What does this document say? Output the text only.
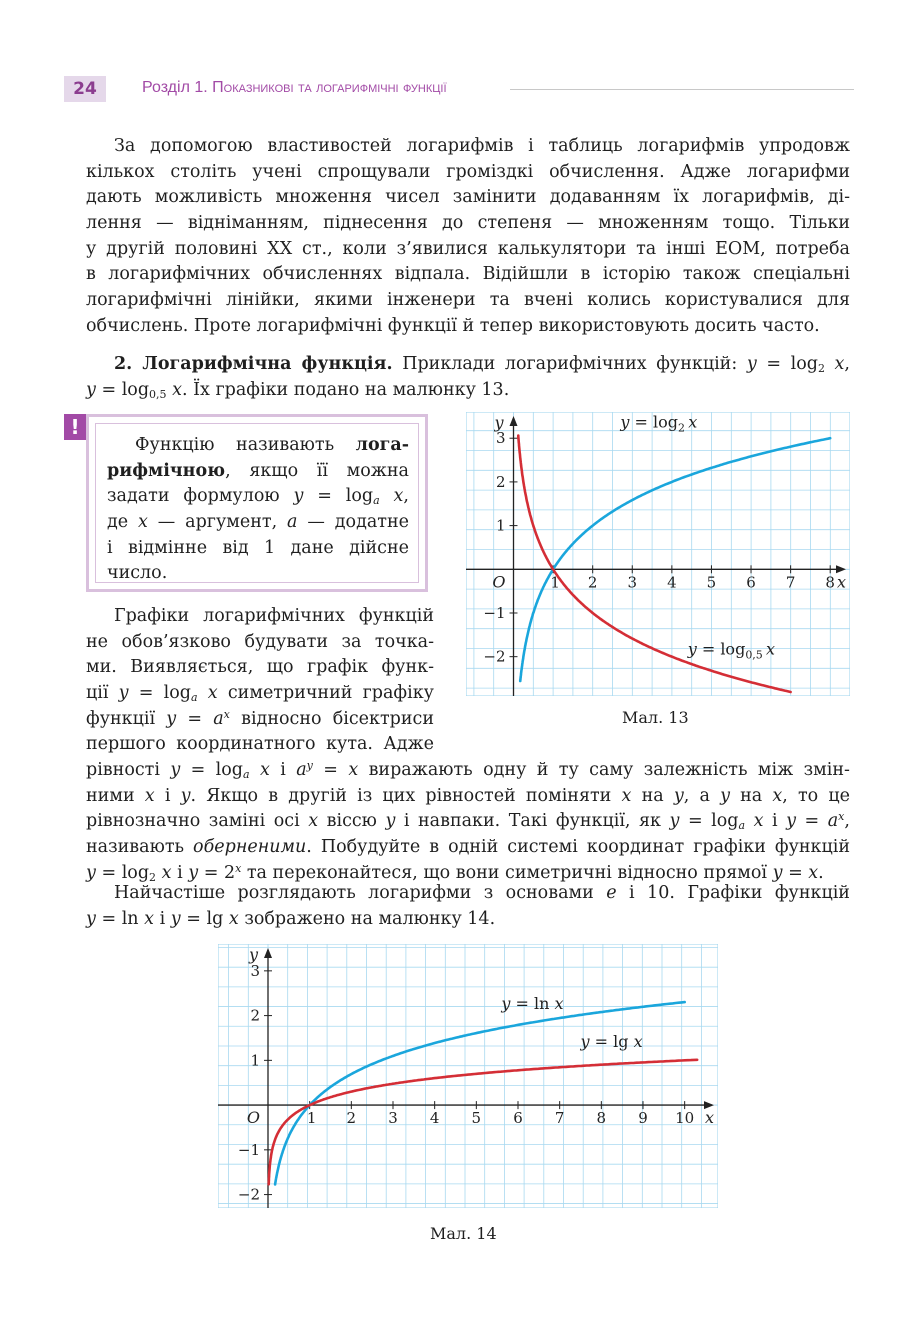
24	Розділ 1. Показникові та логарифмічні функції
За допомогою властивостей логарифмів і таблиць логарифмів упродовж
кількох століть учені спрощували громіздкі обчислення. Адже логарифми
дають можливість множення чисел замінити додаванням їх логарифмів, ді-
лення — відніманням, піднесення до степеня — множенням тощо. Тільки
у другій половині XX ст., коли з’явилися калькулятори та інші ЕОМ, потреба
в логарифмічних обчисленнях відпала. Відійшли в історію також спеціальні
логарифмічні лінійки, якими інженери та вчені колись користувалися для
обчислень. Проте логарифмічні функції й тепер використовують досить часто.
2. Логарифмічна функція. Приклади логарифмічних функцій: $y = \log_2 x$,
$y = \log_{0,5} x$. Їх графіки подано на малюнку 13.
!
Функцію називають лога-
рифмічною, якщо її можна
задати формулою $y = \log_a x$,
де x — аргумент, a — додатне
і відмінне від 1 дане дійсне
число.
Графіки логарифмічних функцій
не обов’язково будувати за точка-
ми. Виявляється, що графік функ-
ції $y = \log_a x$ симетричний графіку
функції $y = a^x$ відносно бісектриси
першого координатного кута. Адже
1 2 3 4 5 6 7 8
3
2
1
−1
−2
x
y
O
$y = \log_2 x$
$y = \log_{0,5} x$
Мал. 13
рівності $y = \log_a x$ і $a^y = x$ виражають одну й ту саму залежність між змін-
ними x і y. Якщо в другій із цих рівностей поміняти x на y, а y на x, то це
рівнозначно заміні осі x віссю y і навпаки. Такі функції, як $y = \log_a x$ і $y = a^x$,
називають оберненими. Побудуйте в одній системі координат графіки функцій
$y = \log_2 x$ і $y = 2^x$ та переконайтеся, що вони симетричні відносно прямої y = x.
Найчастіше розглядають логарифми з основами e і 10. Графіки функцій
y = ln x і y = lg x зображено на малюнку 14.
1 2 3 4 5 6 7 8 9 10
3
2
1
−1
−2
x
y
O
y = ln x
y = lg x
Мал. 14
